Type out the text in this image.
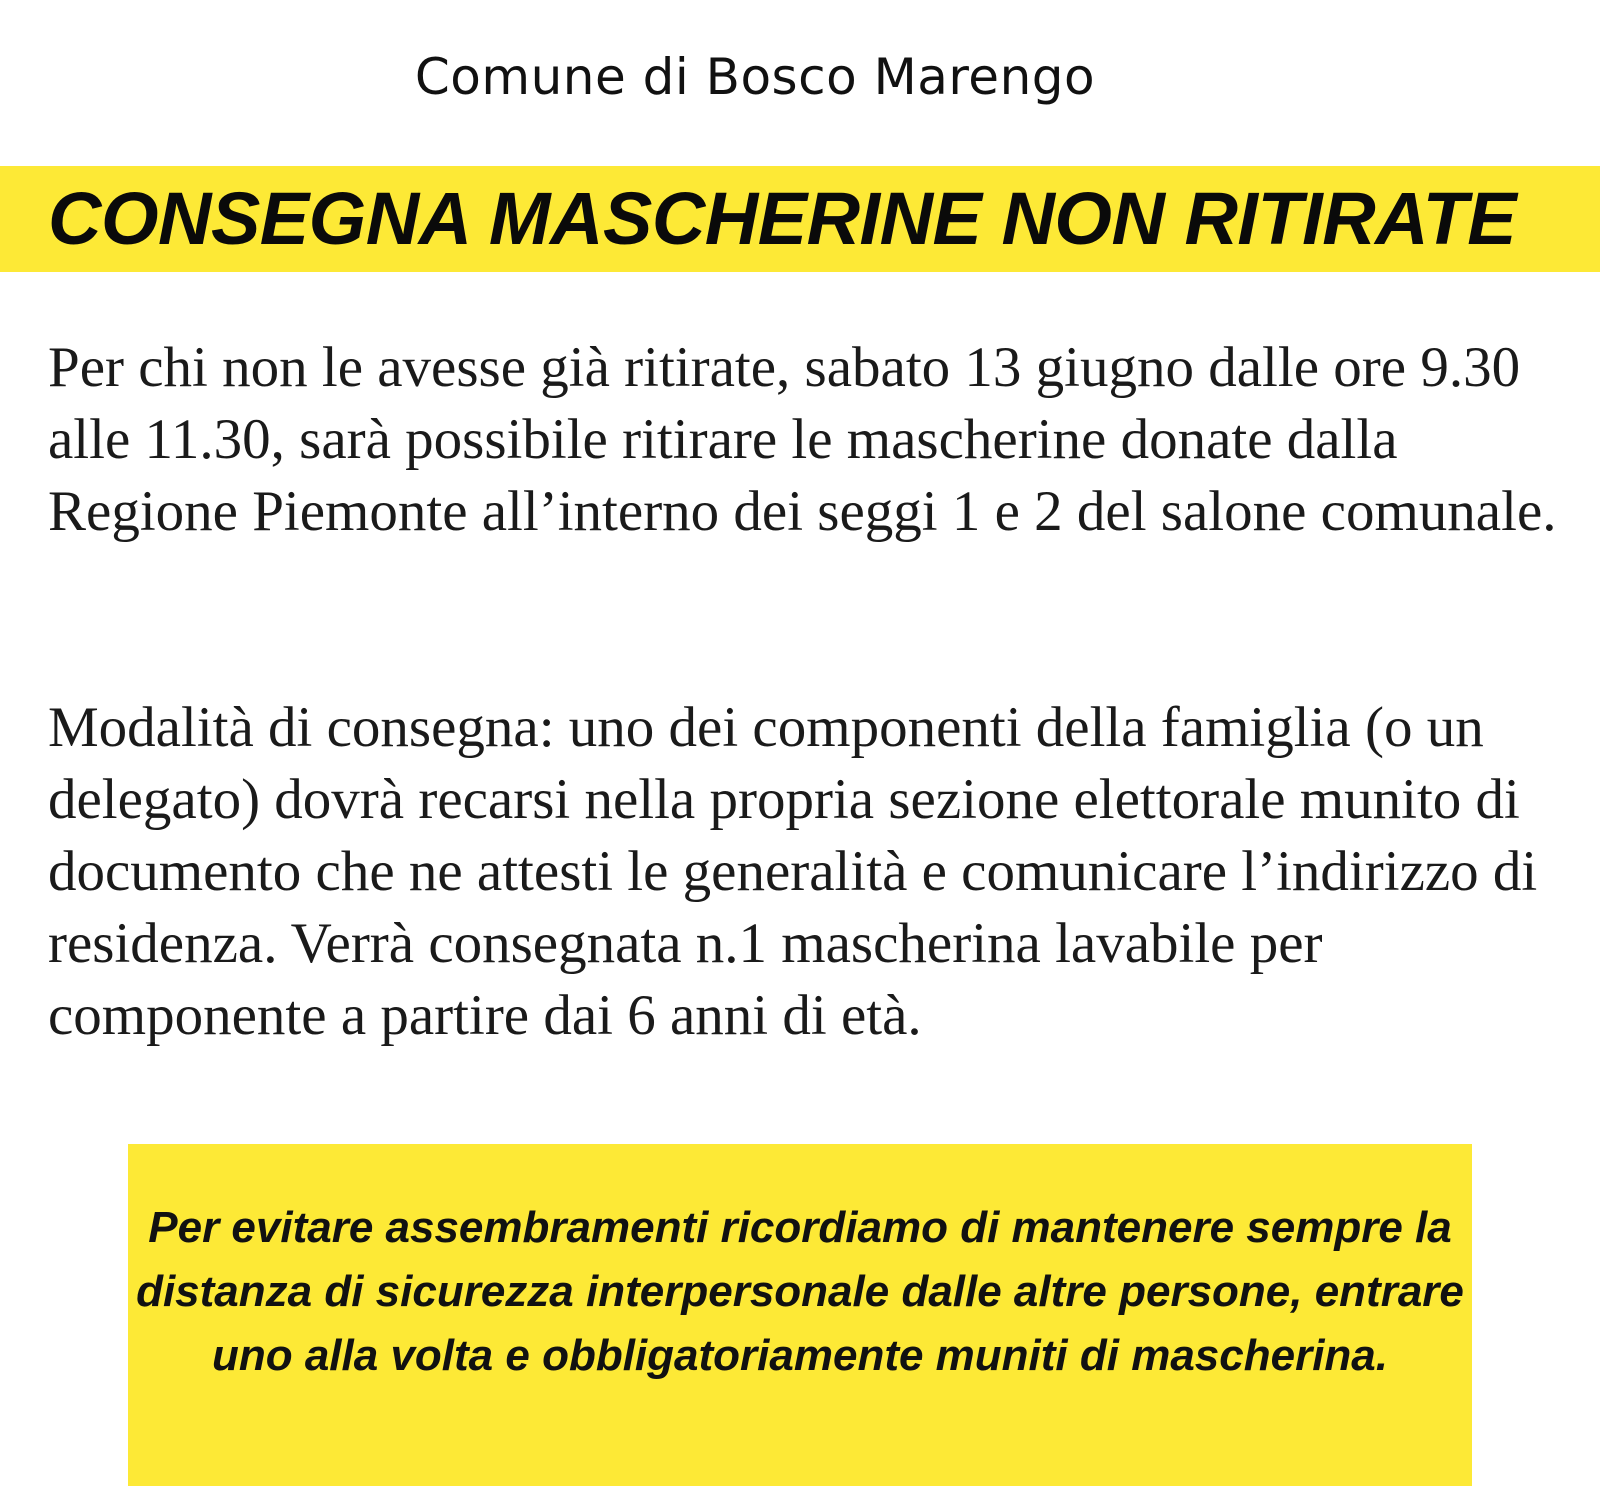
Comune di Bosco Marengo
CONSEGNA MASCHERINE NON RITIRATE

Per chi non le avesse già ritirate, sabato 13 giugno dalle ore 9.30 alle 11.30, sarà possibile ritirare le mascherine donate dalla Regione Piemonte all’interno dei seggi 1 e 2 del salone comunale.

Modalità di consegna: uno dei componenti della famiglia (o un delegato) dovrà recarsi nella propria sezione elettorale munito di documento che ne attesti le generalità e comunicare l’indirizzo di residenza. Verrà consegnata n.1 mascherina lavabile per componente a partire dai 6 anni di età.

Per evitare assembramenti ricordiamo di mantenere sempre la distanza di sicurezza interpersonale dalle altre persone, entrare uno alla volta e obbligatoriamente muniti di mascherina.
